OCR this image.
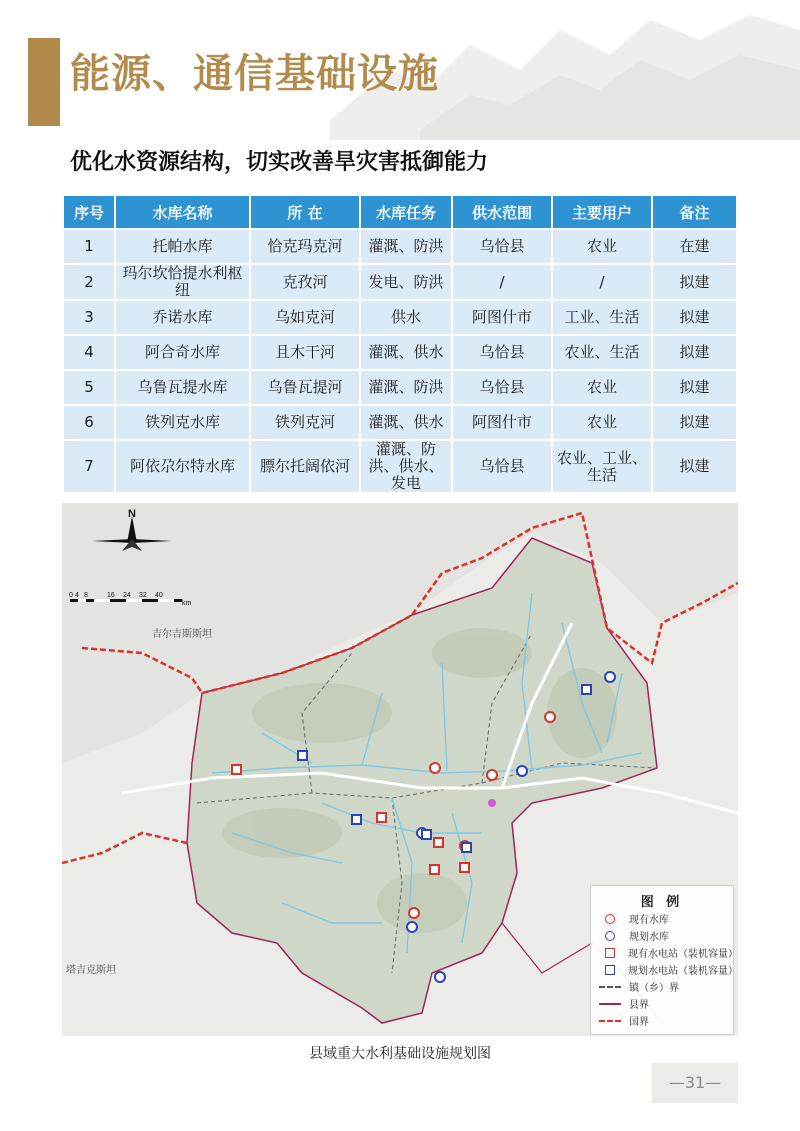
能源、通信基础设施
优化水资源结构，切实改善旱灾害抵御能力
序号	水库名称	所 在	水库任务	供水范围	主要用户	备注
1	托帕水库	恰克玛克河	灌溉、防洪	乌恰县	农业	在建
2	玛尔坎恰提水利枢纽	克孜河	发电、防洪	/	/	拟建
3	乔诺水库	乌如克河	供水	阿图什市	工业、生活	拟建
4	阿合奇水库	且木干河	灌溉、供水	乌恰县	农业、生活	拟建
5	乌鲁瓦提水库	乌鲁瓦提河	灌溉、防洪	乌恰县	农业	拟建
6	铁列克水库	铁列克河	灌溉、供水	阿图什市	农业	拟建
7	阿依尕尔特水库	膘尔托阔依河	灌溉、防洪、供水、发电	乌恰县	农业、工业、生活	拟建
N
0 4 8	16 24 32 40
km
吉尔吉斯斯坦
塔吉克斯坦
图 例
现有水库
规划水库
现有水电站（装机容量）
规划水电站（装机容量）
镇（乡）界
县界
国界

县域重大水利基础设施规划图

—31—
